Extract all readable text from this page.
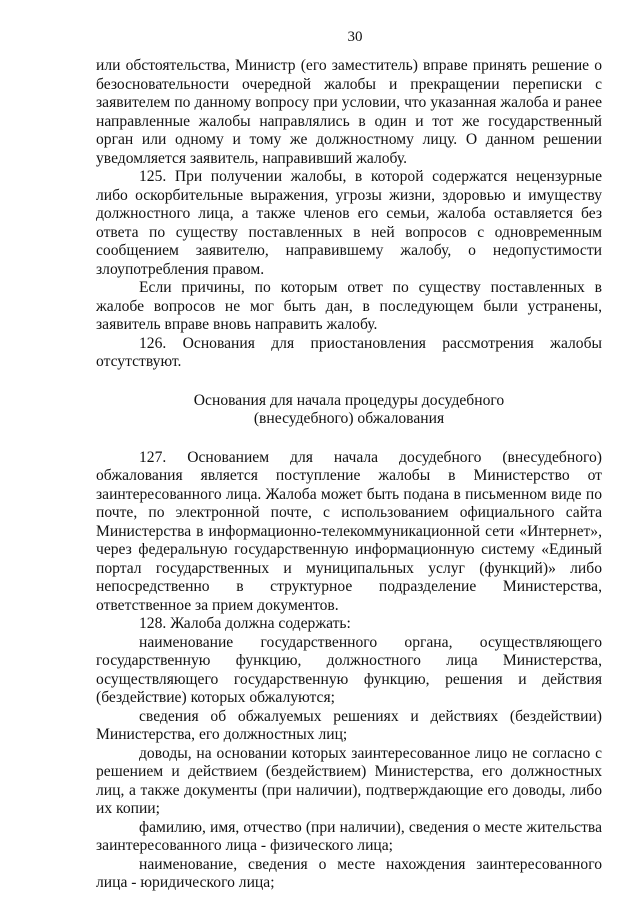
30

или обстоятельства, Министр (его заместитель) вправе принять решение о безосновательности очередной жалобы и прекращении переписки с заявителем по данному вопросу при условии, что указанная жалоба и ранее направленные жалобы направлялись в один и тот же государственный орган или одному и тому же должностному лицу. О данном решении уведомляется заявитель, направивший жалобу.

125. При получении жалобы, в которой содержатся нецензурные либо оскорбительные выражения, угрозы жизни, здоровью и имуществу должностного лица, а также членов его семьи, жалоба оставляется без ответа по существу поставленных в ней вопросов с одновременным сообщением заявителю, направившему жалобу, о недопустимости злоупотребления правом.

Если причины, по которым ответ по существу поставленных в жалобе вопросов не мог быть дан, в последующем были устранены, заявитель вправе вновь направить жалобу.

126. Основания для приостановления рассмотрения жалобы отсутствуют.

Основания для начала процедуры досудебного
(внесудебного) обжалования

127. Основанием для начала досудебного (внесудебного) обжалования является поступление жалобы в Министерство от заинтересованного лица. Жалоба может быть подана в письменном виде по почте, по электронной почте, с использованием официального сайта Министерства в информационно-телекоммуникационной сети «Интернет», через федеральную государственную информационную систему «Единый портал государственных и муниципальных услуг (функций)» либо непосредственно в структурное подразделение Министерства, ответственное за прием документов.

128. Жалоба должна содержать:

наименование государственного органа, осуществляющего государственную функцию, должностного лица Министерства, осуществляющего государственную функцию, решения и действия (бездействие) которых обжалуются;

сведения об обжалуемых решениях и действиях (бездействии) Министерства, его должностных лиц;

доводы, на основании которых заинтересованное лицо не согласно с решением и действием (бездействием) Министерства, его должностных лиц, а также документы (при наличии), подтверждающие его доводы, либо их копии;

фамилию, имя, отчество (при наличии), сведения о месте жительства заинтересованного лица - физического лица;

наименование, сведения о месте нахождения заинтересованного лица - юридического лица;
